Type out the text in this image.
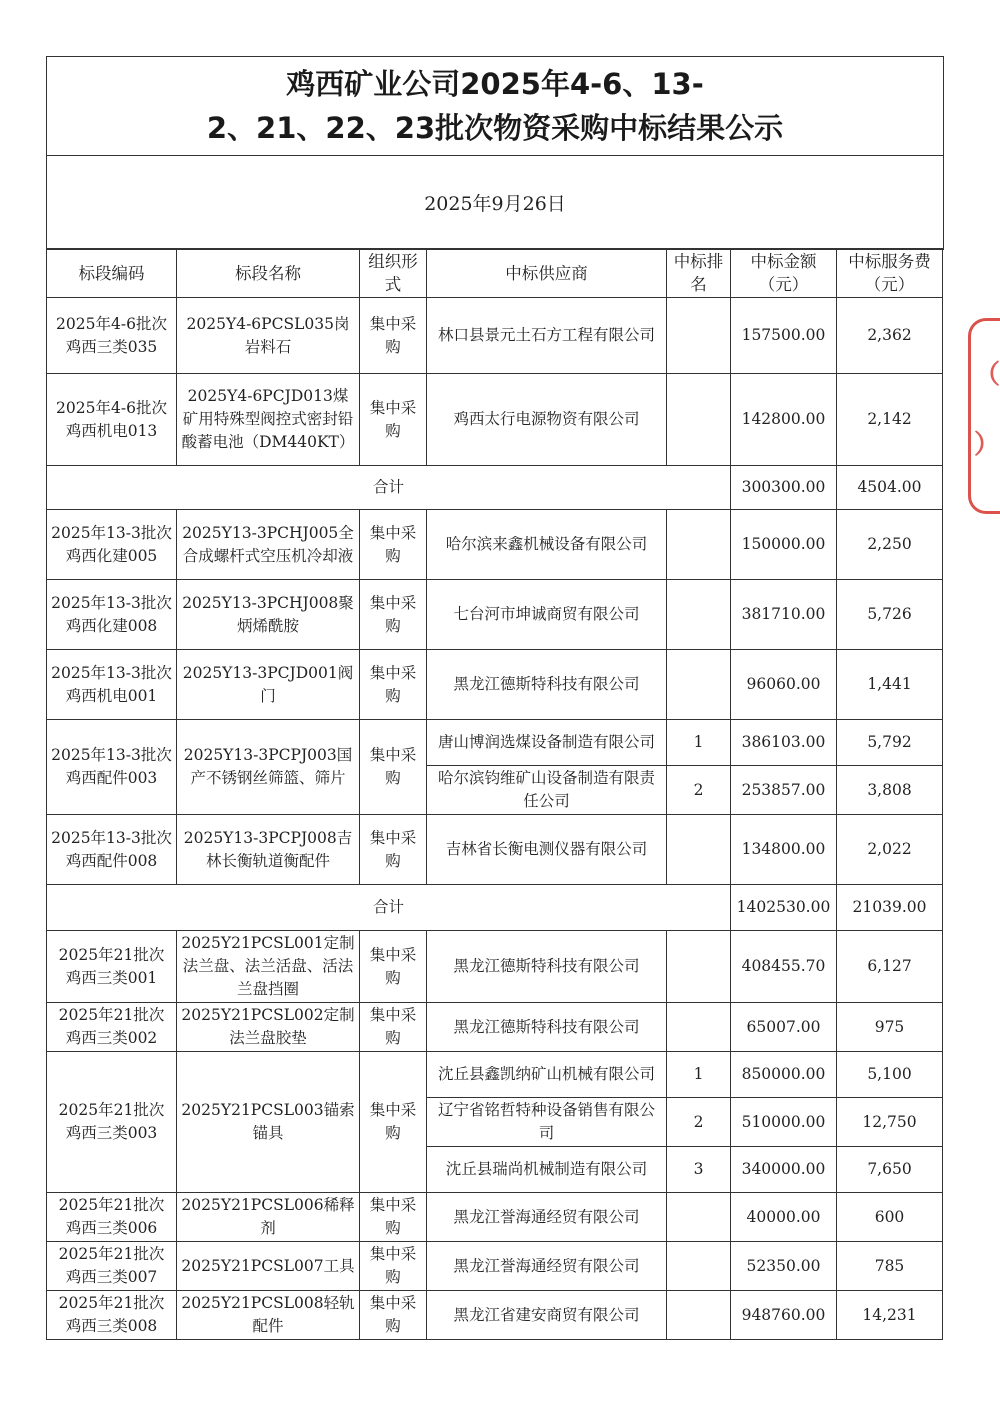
鸡西矿业公司2025年4-6、13-
2、21、22、23批次物资采购中标结果公示
2025年9月26日
标段编码	标段名称	组织形式	中标供应商	中标排名	中标金额（元）	中标服务费（元）
2025年4-6批次鸡西三类035	2025Y4-6PCSL035岗岩料石	集中采购	林口县景元土石方工程有限公司		157500.00	2,362
2025年4-6批次鸡西机电013	2025Y4-6PCJD013煤矿用特殊型阀控式密封铅酸蓄电池（DM440KT）	集中采购	鸡西太行电源物资有限公司		142800.00	2,142
合计					300300.00	4504.00
2025年13-3批次鸡西化建005	2025Y13-3PCHJ005全合成螺杆式空压机冷却液	集中采购	哈尔滨来鑫机械设备有限公司		150000.00	2,250
2025年13-3批次鸡西化建008	2025Y13-3PCHJ008聚炳烯酰胺	集中采购	七台河市坤诚商贸有限公司		381710.00	5,726
2025年13-3批次鸡西机电001	2025Y13-3PCJD001阀门	集中采购	黑龙江德斯特科技有限公司		96060.00	1,441
2025年13-3批次鸡西配件003	2025Y13-3PCPJ003国产不锈钢丝筛篮、筛片	集中采购	唐山博润选煤设备制造有限公司	1	386103.00	5,792
			哈尔滨钧维矿山设备制造有限责任公司	2	253857.00	3,808
2025年13-3批次鸡西配件008	2025Y13-3PCPJ008吉林长衡轨道衡配件	集中采购	吉林省长衡电测仪器有限公司		134800.00	2,022
合计					1402530.00	21039.00
2025年21批次鸡西三类001	2025Y21PCSL001定制法兰盘、法兰活盘、活法兰盘挡圈	集中采购	黑龙江德斯特科技有限公司		408455.70	6,127
2025年21批次鸡西三类002	2025Y21PCSL002定制法兰盘胶垫	集中采购	黑龙江德斯特科技有限公司		65007.00	975
2025年21批次鸡西三类003	2025Y21PCSL003锚索锚具	集中采购	沈丘县鑫凯纳矿山机械有限公司	1	850000.00	5,100
			辽宁省铭哲特种设备销售有限公司	2	510000.00	12,750
			沈丘县瑞尚机械制造有限公司	3	340000.00	7,650
2025年21批次鸡西三类006	2025Y21PCSL006稀释剂	集中采购	黑龙江誉海通经贸有限公司		40000.00	600
2025年21批次鸡西三类007	2025Y21PCSL007工具	集中采购	黑龙江誉海通经贸有限公司		52350.00	785
2025年21批次鸡西三类008	2025Y21PCSL008轻轨配件	集中采购	黑龙江省建安商贸有限公司		948760.00	14,231
（
）
